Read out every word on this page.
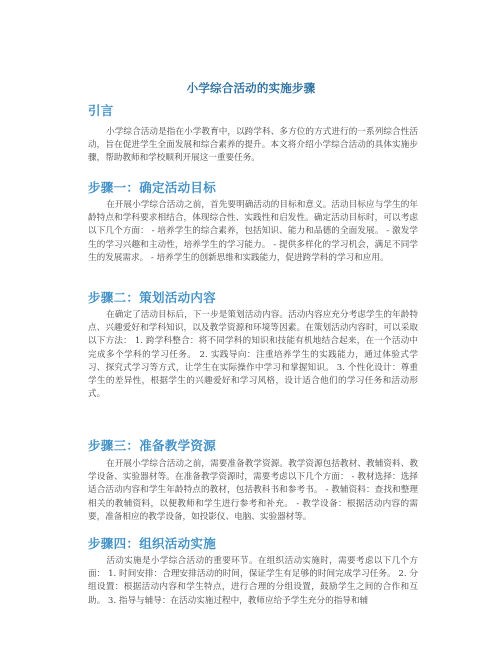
小学综合活动的实施步骤
引言
小学综合活动是指在小学教育中，以跨学科、多方位的方式进行的一系列综合性活动，旨在促进学生全面发展和综合素养的提升。本文将介绍小学综合活动的具体实施步骤，帮助教师和学校顺利开展这一重要任务。
步骤一：确定活动目标
在开展小学综合活动之前，首先要明确活动的目标和意义。活动目标应与学生的年龄特点和学科要求相结合，体现综合性、实践性和启发性。确定活动目标时，可以考虑以下几个方面： - 培养学生的综合素养，包括知识、能力和品德的全面发展。 - 激发学生的学习兴趣和主动性，培养学生的学习能力。 - 提供多样化的学习机会，满足不同学生的发展需求。 - 培养学生的创新思维和实践能力，促进跨学科的学习和应用。
步骤二：策划活动内容
在确定了活动目标后，下一步是策划活动内容。活动内容应充分考虑学生的年龄特点、兴趣爱好和学科知识，以及教学资源和环境等因素。在策划活动内容时，可以采取以下方法： 1. 跨学科整合：将不同学科的知识和技能有机地结合起来，在一个活动中完成多个学科的学习任务。 2. 实践导向：注重培养学生的实践能力，通过体验式学习、探究式学习等方式，让学生在实际操作中学习和掌握知识。 3. 个性化设计：尊重学生的差异性，根据学生的兴趣爱好和学习风格，设计适合他们的学习任务和活动形式。
步骤三：准备教学资源
在开展小学综合活动之前，需要准备教学资源。教学资源包括教材、教辅资料、教学设备、实验器材等。在准备教学资源时，需要考虑以下几个方面： - 教材选择：选择适合活动内容和学生年龄特点的教材，包括教科书和参考书。 - 教辅资料：查找和整理相关的教辅资料，以便教师和学生进行参考和补充。 - 教学设备：根据活动内容的需要，准备相应的教学设备，如投影仪、电脑、实验器材等。
步骤四：组织活动实施
活动实施是小学综合活动的重要环节。在组织活动实施时，需要考虑以下几个方面： 1. 时间安排：合理安排活动的时间，保证学生有足够的时间完成学习任务。 2. 分组设置：根据活动内容和学生特点，进行合理的分组设置，鼓励学生之间的合作和互助。 3. 指导与辅导：在活动实施过程中，教师应给予学生充分的指导和辅
